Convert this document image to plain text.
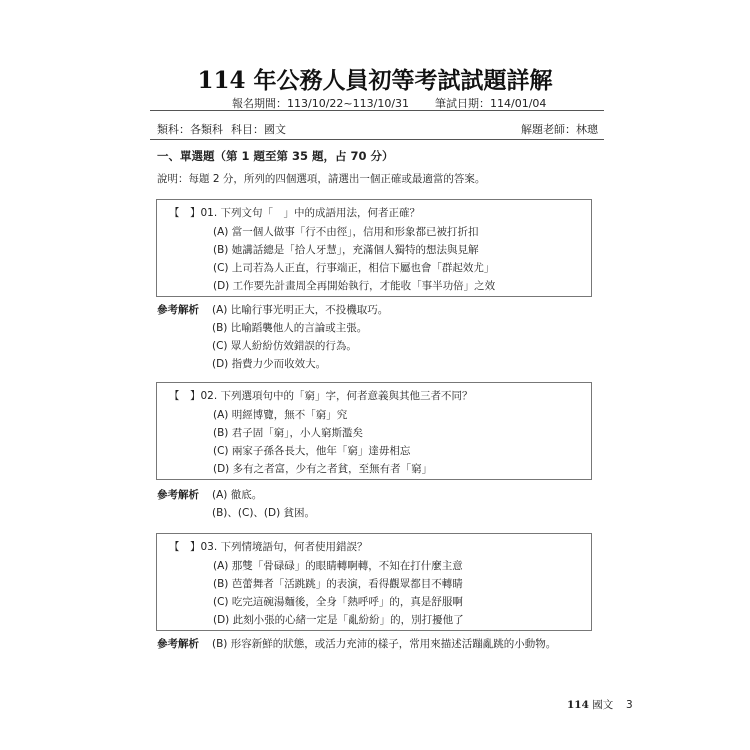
114 年公務人員初等考試試題詳解
報名期間：113/10/22~113/10/31 筆試日期：114/01/04
類科：各類科 科目：國文	解題老師：林璁
一、單選題（第 1 題至第 35 題，占 70 分）
說明：每題 2 分，所列的四個選項，請選出一個正確或最適當的答案。
【　】01. 下列文句「　」中的成語用法，何者正確？
(A) 當一個人做事「行不由徑」，信用和形象都已被打折扣
(B) 她講話總是「拾人牙慧」，充滿個人獨特的想法與見解
(C) 上司若為人正直，行事端正，相信下屬也會「群起效尤」
(D) 工作要先計畫周全再開始執行，才能收「事半功倍」之效
參考解析 (A) 比喻行事光明正大，不投機取巧。
(B) 比喻蹈襲他人的言論或主張。
(C) 眾人紛紛仿效錯誤的行為。
(D) 指費力少而收效大。
【　】02. 下列選項句中的「窮」字，何者意義與其他三者不同？
(A) 明經博覽，無不「窮」究
(B) 君子固「窮」，小人窮斯濫矣
(C) 兩家子孫各長大，他年「窮」達毋相忘
(D) 多有之者富，少有之者貧，至無有者「窮」
參考解析 (A) 徹底。
(B)、(C)、(D) 貧困。
【　】03. 下列情境語句，何者使用錯誤？
(A) 那雙「骨碌碌」的眼睛轉啊轉，不知在打什麼主意
(B) 芭蕾舞者「活跳跳」的表演，看得觀眾都目不轉睛
(C) 吃完這碗湯麵後，全身「熱呼呼」的，真是舒服啊
(D) 此刻小張的心緒一定是「亂紛紛」的，別打擾他了
參考解析 (B) 形容新鮮的狀態，或活力充沛的樣子，常用來描述活蹦亂跳的小動物。
114 國文 3
